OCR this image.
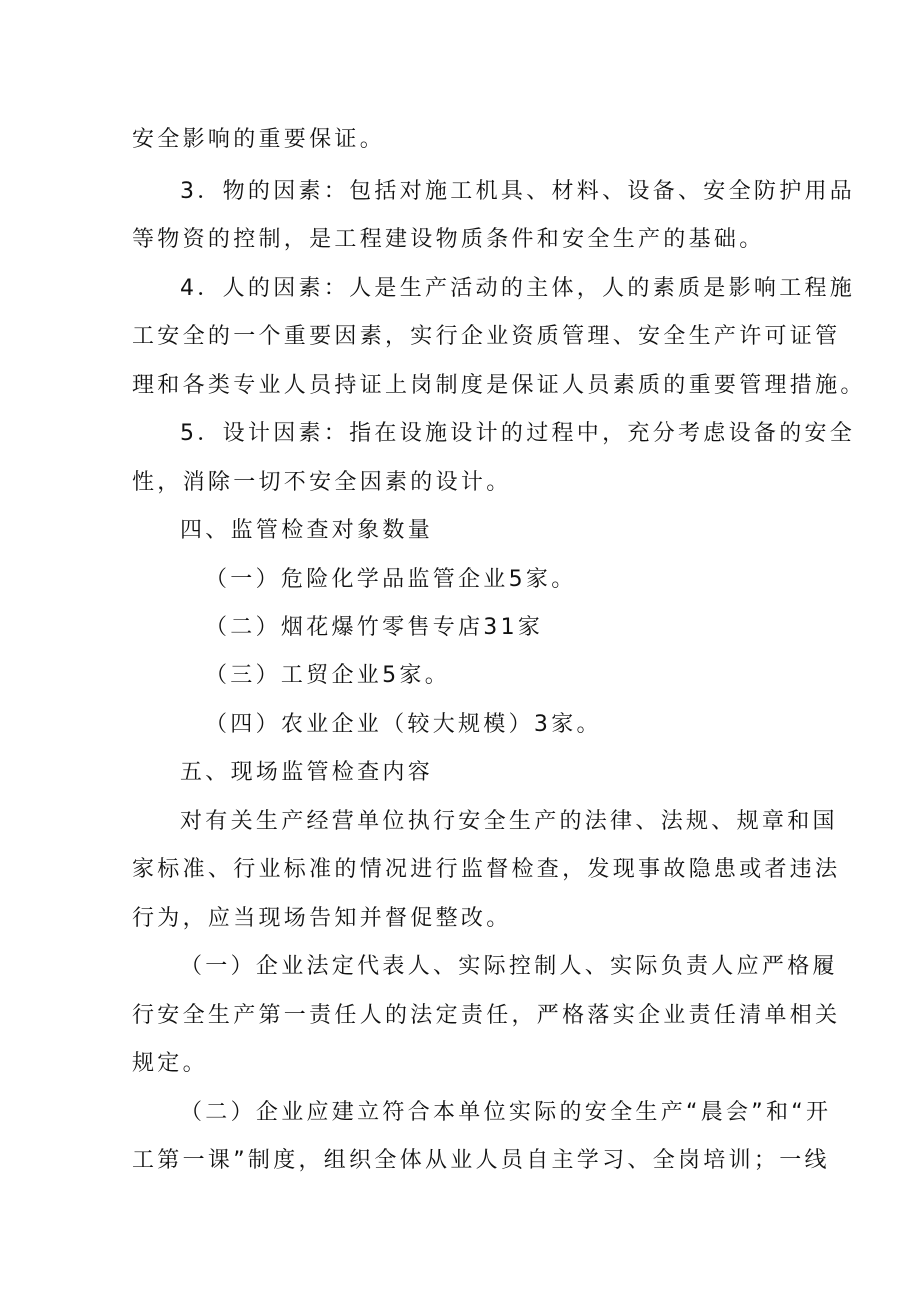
安全影响的重要保证。
3．物的因素：包括对施工机具、材料、设备、安全防护用品
等物资的控制，是工程建设物质条件和安全生产的基础。
4．人的因素：人是生产活动的主体，人的素质是影响工程施
工安全的一个重要因素，实行企业资质管理、安全生产许可证管
理和各类专业人员持证上岗制度是保证人员素质的重要管理措施。
5．设计因素：指在设施设计的过程中，充分考虑设备的安全
性，消除一切不安全因素的设计。
四、监管检查对象数量
（一）危险化学品监管企业5家。
（二）烟花爆竹零售专店31家
（三）工贸企业5家。
（四）农业企业（较大规模）3家。
五、现场监管检查内容
对有关生产经营单位执行安全生产的法律、法规、规章和国
家标准、行业标准的情况进行监督检查，发现事故隐患或者违法
行为，应当现场告知并督促整改。
（一）企业法定代表人、实际控制人、实际负责人应严格履
行安全生产第一责任人的法定责任，严格落实企业责任清单相关
规定。
（二）企业应建立符合本单位实际的安全生产“晨会”和“开
工第一课”制度，组织全体从业人员自主学习、全岗培训；一线
